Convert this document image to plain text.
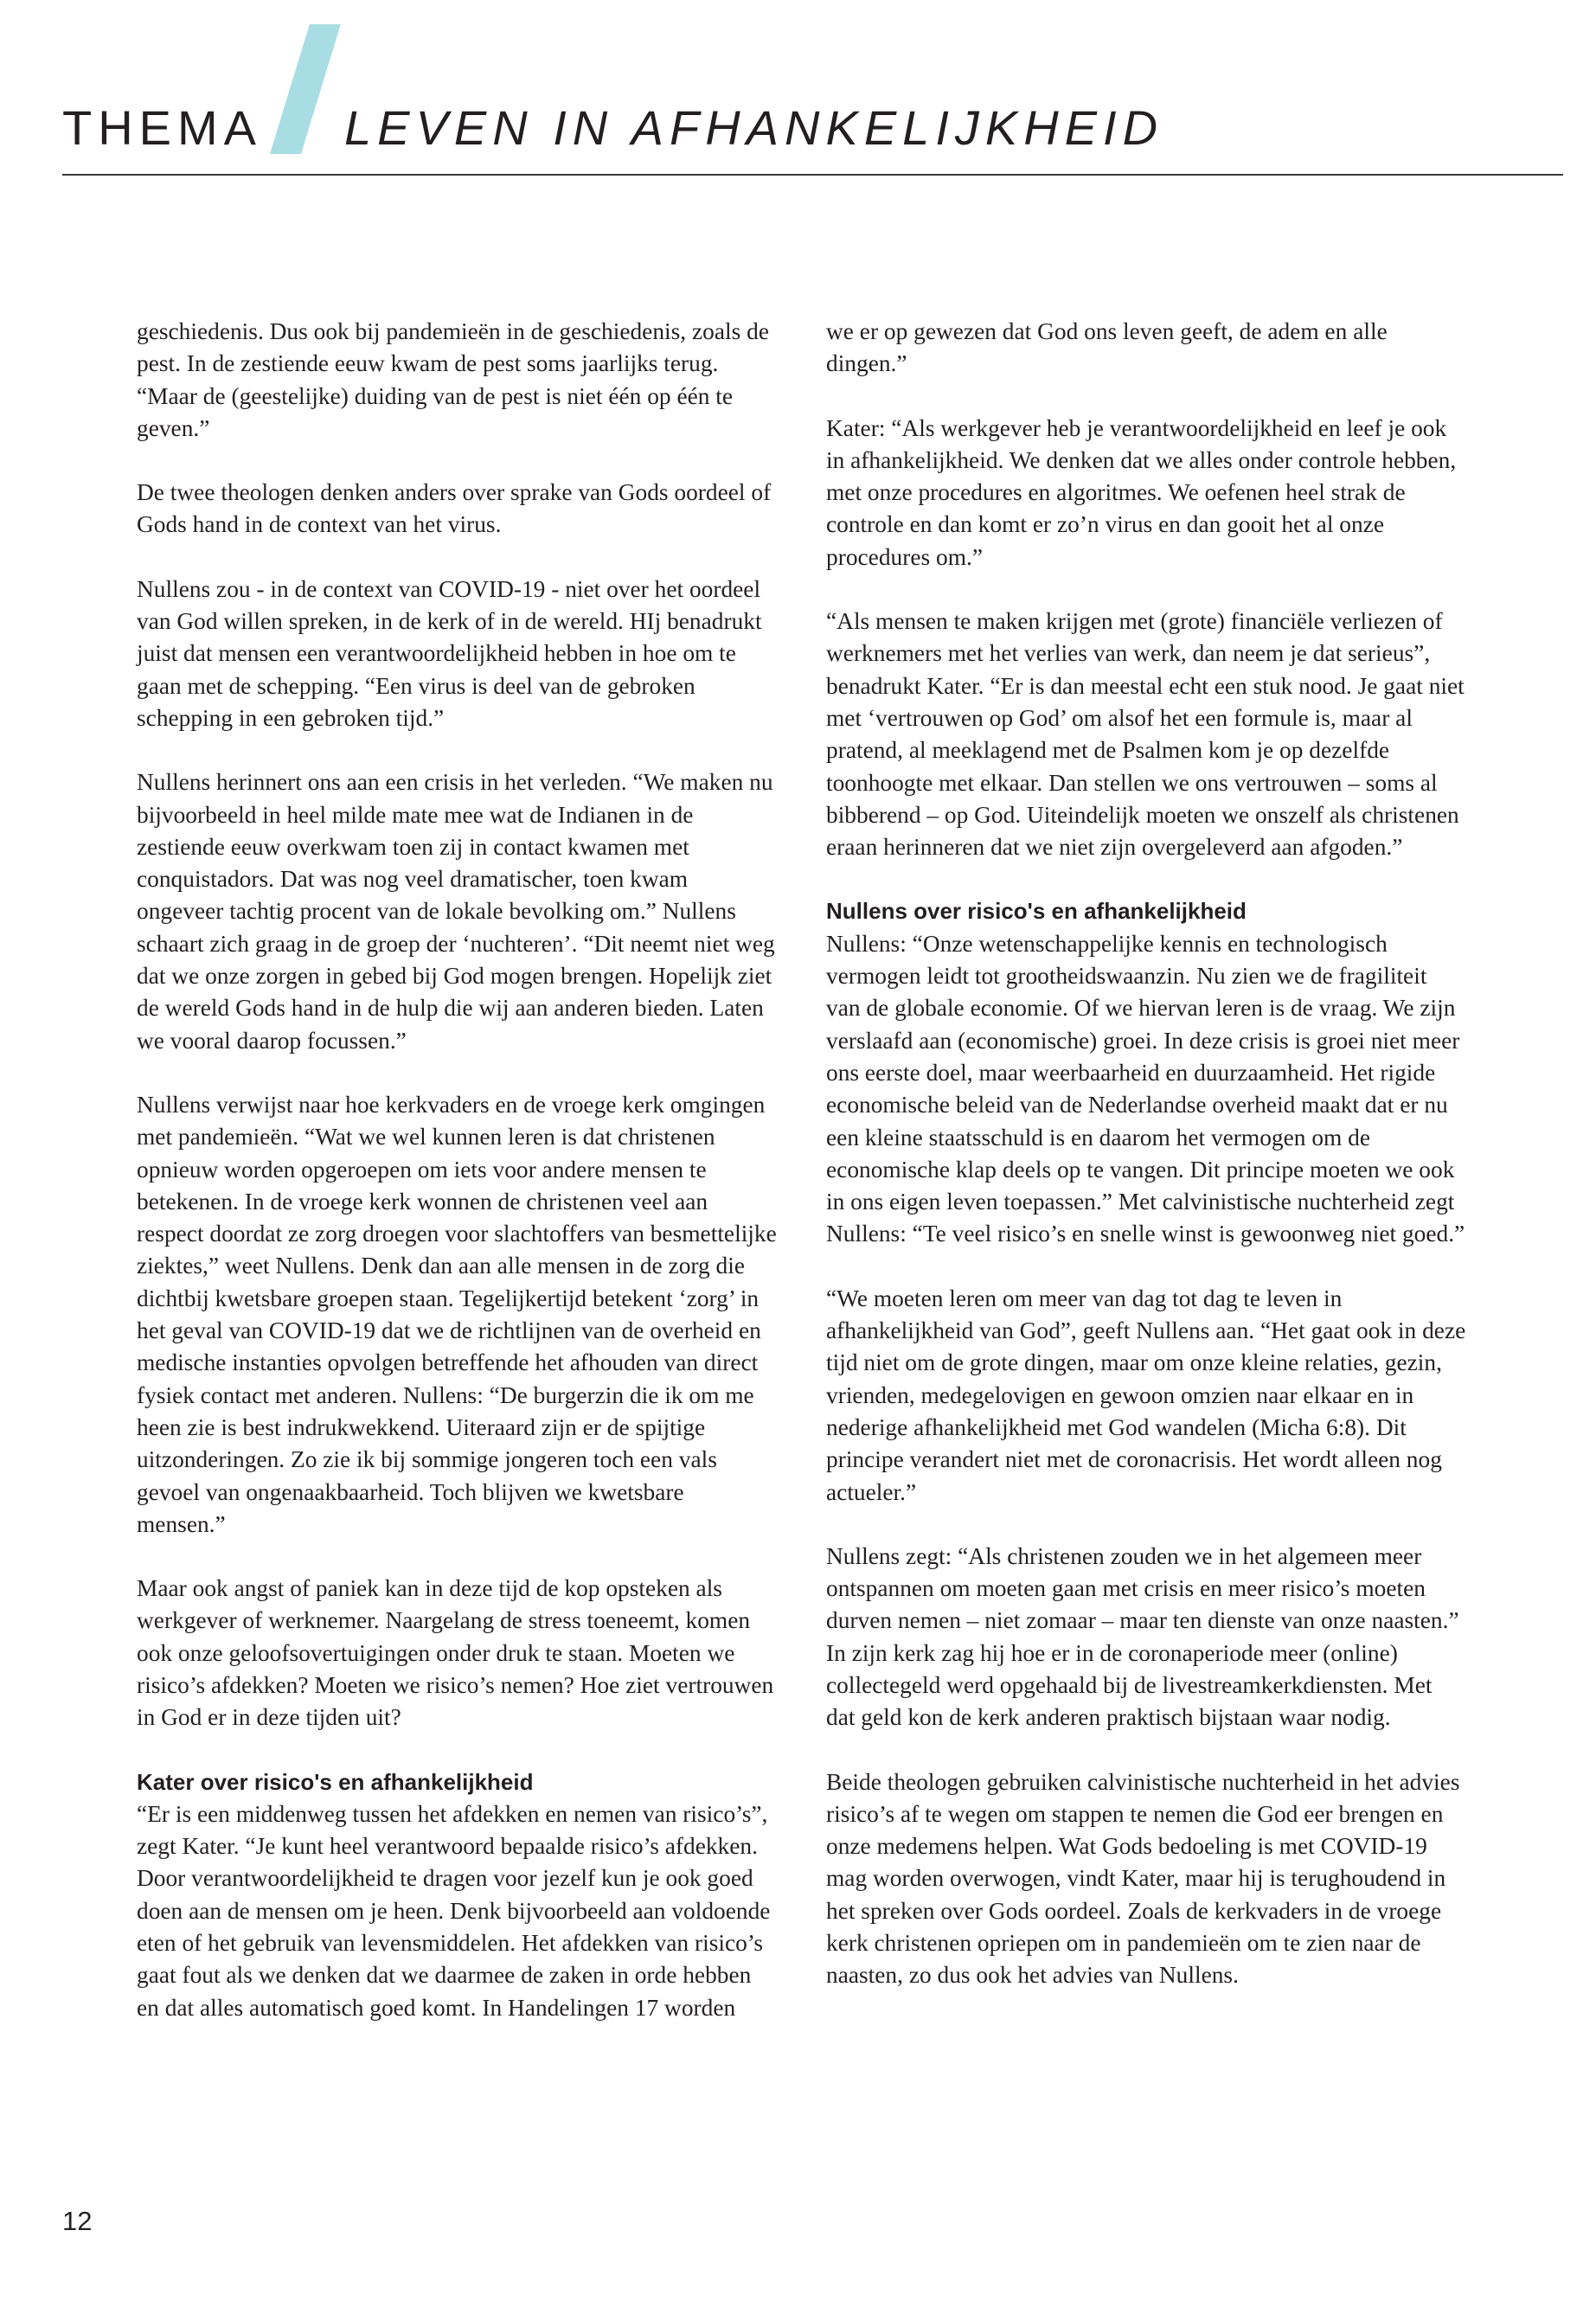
THEMA LEVEN IN AFHANKELIJKHEID

geschiedenis. Dus ook bij pandemieën in de geschiedenis, zoals de pest. In de zestiende eeuw kwam de pest soms jaarlijks terug. “Maar de (geestelijke) duiding van de pest is niet één op één te geven.”

De twee theologen denken anders over sprake van Gods oordeel of Gods hand in de context van het virus.

Nullens zou - in de context van COVID-19 - niet over het oordeel van God willen spreken, in de kerk of in de wereld. HIj benadrukt juist dat mensen een verantwoordelijkheid hebben in hoe om te gaan met de schepping. “Een virus is deel van de gebroken schepping in een gebroken tijd.”

Nullens herinnert ons aan een crisis in het verleden. “We maken nu bijvoorbeeld in heel milde mate mee wat de Indianen in de zestiende eeuw overkwam toen zij in contact kwamen met conquistadors. Dat was nog veel dramatischer, toen kwam ongeveer tachtig procent van de lokale bevolking om.” Nullens schaart zich graag in de groep der ‘nuchteren’. “Dit neemt niet weg dat we onze zorgen in gebed bij God mogen brengen. Hopelijk ziet de wereld Gods hand in de hulp die wij aan anderen bieden. Laten we vooral daarop focussen.”

Nullens verwijst naar hoe kerkvaders en de vroege kerk omgingen met pandemieën. “Wat we wel kunnen leren is dat christenen opnieuw worden opgeroepen om iets voor andere mensen te betekenen. In de vroege kerk wonnen de christenen veel aan respect doordat ze zorg droegen voor slachtoffers van besmettelijke ziektes,” weet Nullens. Denk dan aan alle mensen in de zorg die dichtbij kwetsbare groepen staan. Tegelijkertijd betekent ‘zorg’ in het geval van COVID-19 dat we de richtlijnen van de overheid en medische instanties opvolgen betreffende het afhouden van direct fysiek contact met anderen. Nullens: “De burgerzin die ik om me heen zie is best indrukwekkend. Uiteraard zijn er de spijtige uitzonderingen. Zo zie ik bij sommige jongeren toch een vals gevoel van ongenaakbaarheid. Toch blijven we kwetsbare mensen.”

Maar ook angst of paniek kan in deze tijd de kop opsteken als werkgever of werknemer. Naargelang de stress toeneemt, komen ook onze geloofsovertuigingen onder druk te staan. Moeten we risico’s afdekken? Moeten we risico’s nemen? Hoe ziet vertrouwen in God er in deze tijden uit?

Kater over risico's en afhankelijkheid

“Er is een middenweg tussen het afdekken en nemen van risico’s”, zegt Kater. “Je kunt heel verantwoord bepaalde risico’s afdekken. Door verantwoordelijkheid te dragen voor jezelf kun je ook goed doen aan de mensen om je heen. Denk bijvoorbeeld aan voldoende eten of het gebruik van levensmiddelen. Het afdekken van risico’s gaat fout als we denken dat we daarmee de zaken in orde hebben en dat alles automatisch goed komt. In Handelingen 17 worden

we er op gewezen dat God ons leven geeft, de adem en alle dingen.”

Kater: “Als werkgever heb je verantwoordelijkheid en leef je ook in afhankelijkheid. We denken dat we alles onder controle hebben, met onze procedures en algoritmes. We oefenen heel strak de controle en dan komt er zo’n virus en dan gooit het al onze procedures om.”

“Als mensen te maken krijgen met (grote) financiële verliezen of werknemers met het verlies van werk, dan neem je dat serieus”, benadrukt Kater. “Er is dan meestal echt een stuk nood. Je gaat niet met ‘vertrouwen op God’ om alsof het een formule is, maar al pratend, al meeklagend met de Psalmen kom je op dezelfde toonhoogte met elkaar. Dan stellen we ons vertrouwen – soms al bibberend – op God. Uiteindelijk moeten we onszelf als christenen eraan herinneren dat we niet zijn overgeleverd aan afgoden.”

Nullens over risico's en afhankelijkheid

Nullens: “Onze wetenschappelijke kennis en technologisch vermogen leidt tot grootheidswaanzin. Nu zien we de fragiliteit van de globale economie. Of we hiervan leren is de vraag. We zijn verslaafd aan (economische) groei. In deze crisis is groei niet meer ons eerste doel, maar weerbaarheid en duurzaamheid. Het rigide economische beleid van de Nederlandse overheid maakt dat er nu een kleine staatsschuld is en daarom het vermogen om de economische klap deels op te vangen. Dit principe moeten we ook in ons eigen leven toepassen.” Met calvinistische nuchterheid zegt Nullens: “Te veel risico’s en snelle winst is gewoonweg niet goed.”

“We moeten leren om meer van dag tot dag te leven in afhankelijkheid van God”, geeft Nullens aan. “Het gaat ook in deze tijd niet om de grote dingen, maar om onze kleine relaties, gezin, vrienden, medegelovigen en gewoon omzien naar elkaar en in nederige afhankelijkheid met God wandelen (Micha 6:8). Dit principe verandert niet met de coronacrisis. Het wordt alleen nog actueler.”

Nullens zegt: “Als christenen zouden we in het algemeen meer ontspannen om moeten gaan met crisis en meer risico’s moeten durven nemen – niet zomaar – maar ten dienste van onze naasten.” In zijn kerk zag hij hoe er in de coronaperiode meer (online) collectegeld werd opgehaald bij de livestreamkerkdiensten. Met dat geld kon de kerk anderen praktisch bijstaan waar nodig.

Beide theologen gebruiken calvinistische nuchterheid in het advies risico’s af te wegen om stappen te nemen die God eer brengen en onze medemens helpen. Wat Gods bedoeling is met COVID-19 mag worden overwogen, vindt Kater, maar hij is terughoudend in het spreken over Gods oordeel. Zoals de kerkvaders in de vroege kerk christenen opriepen om in pandemieën om te zien naar de naasten, zo dus ook het advies van Nullens.

12
